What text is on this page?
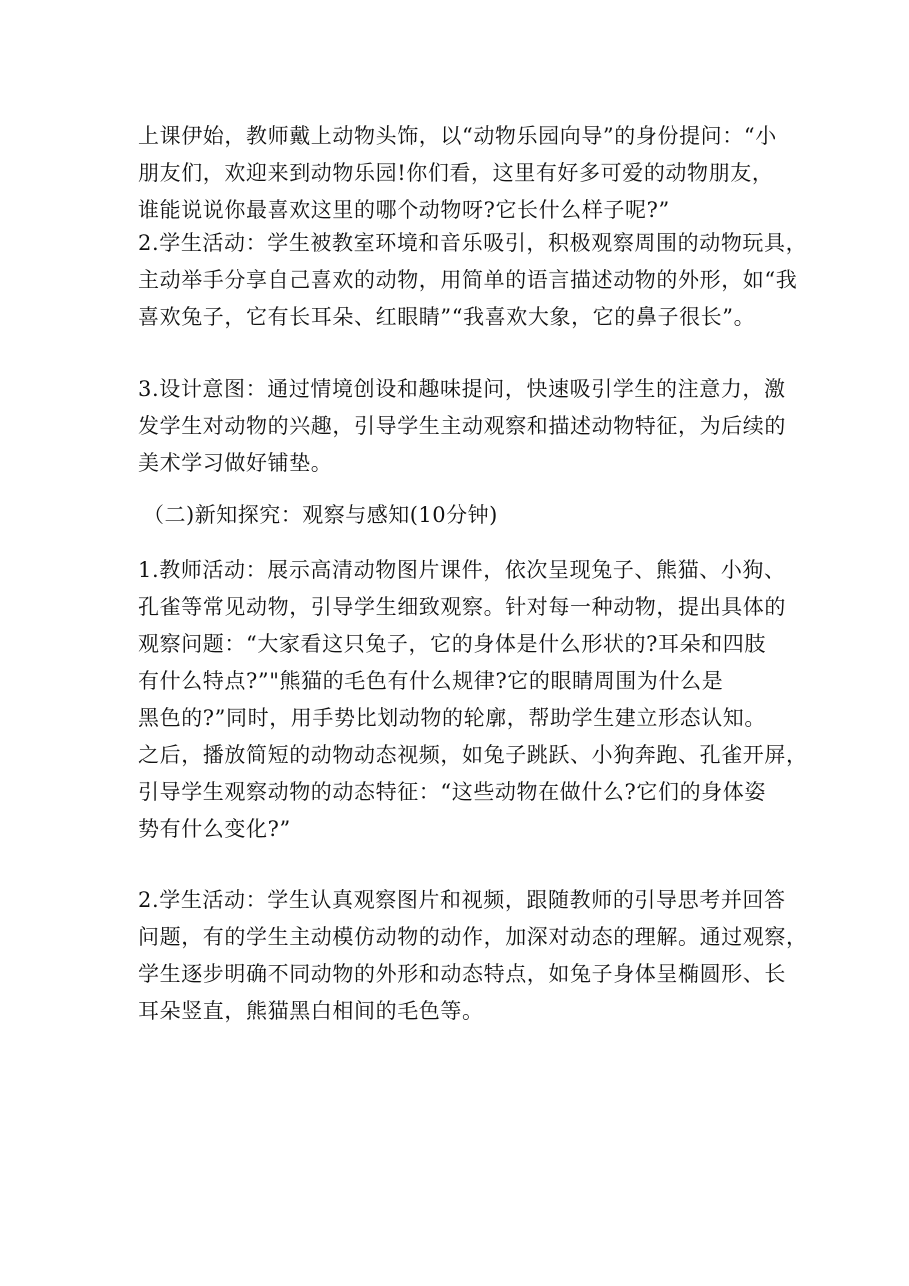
上课伊始，教师戴上动物头饰，以“动物乐园向导”的身份提问：“小
朋友们，欢迎来到动物乐园!你们看，这里有好多可爱的动物朋友，
谁能说说你最喜欢这里的哪个动物呀?它长什么样子呢?”
2.学生活动：学生被教室环境和音乐吸引，积极观察周围的动物玩具，
主动举手分享自己喜欢的动物，用简单的语言描述动物的外形，如“我
喜欢兔子，它有长耳朵、红眼睛”“我喜欢大象，它的鼻子很长”。
3.设计意图：通过情境创设和趣味提问，快速吸引学生的注意力，激
发学生对动物的兴趣，引导学生主动观察和描述动物特征，为后续的
美术学习做好铺垫。
（二)新知探究：观察与感知(10分钟)
1.教师活动：展示高清动物图片课件，依次呈现兔子、熊猫、小狗、
孔雀等常见动物，引导学生细致观察。针对每一种动物，提出具体的
观察问题：“大家看这只兔子，它的身体是什么形状的?耳朵和四肢
有什么特点?”"熊猫的毛色有什么规律?它的眼睛周围为什么是
黑色的?”同时，用手势比划动物的轮廓，帮助学生建立形态认知。
之后，播放简短的动物动态视频，如兔子跳跃、小狗奔跑、孔雀开屏，
引导学生观察动物的动态特征：“这些动物在做什么?它们的身体姿
势有什么变化?”
2.学生活动：学生认真观察图片和视频，跟随教师的引导思考并回答
问题，有的学生主动模仿动物的动作，加深对动态的理解。通过观察，
学生逐步明确不同动物的外形和动态特点，如兔子身体呈椭圆形、长
耳朵竖直，熊猫黑白相间的毛色等。
